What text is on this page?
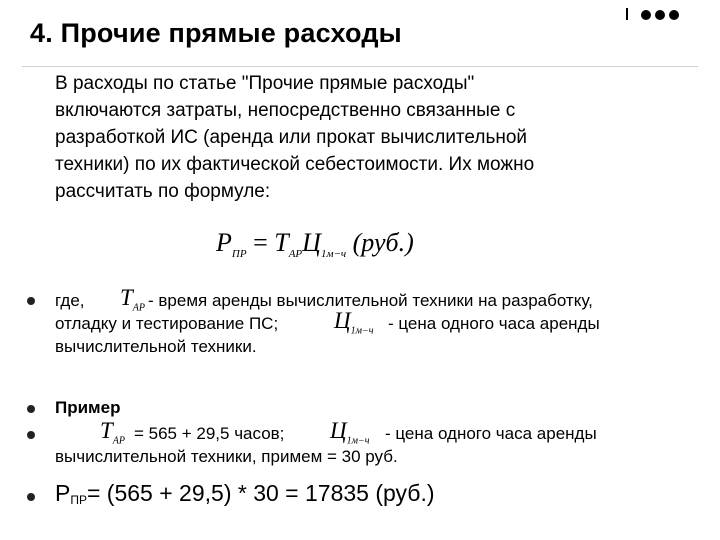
4. Прочие прямые расходы
В расходы по статье "Прочие прямые расходы"
включаются затраты, непосредственно связанные с
разработкой ИС (аренда или прокат вычислительной
техники) по их фактической себестоимости. Их можно
рассчитать по формуле:
$P_{ПР} = T_{AP}Ц_{1м-ч}$ (руб.)
где, $T_{AP}$ - время аренды вычислительной техники на разработку,
отладку и тестирование ПС; $Ц_{1м-ч}$ - цена одного часа аренды
вычислительной техники.
Пример
$T_{AP} = 565 + 29,5$ часов; $Ц_{1м-ч}$ - цена одного часа аренды
вычислительной техники, примем = 30 руб.
$P_{ПР}= (565 + 29,5) * 30 = 17835$ (руб.)
